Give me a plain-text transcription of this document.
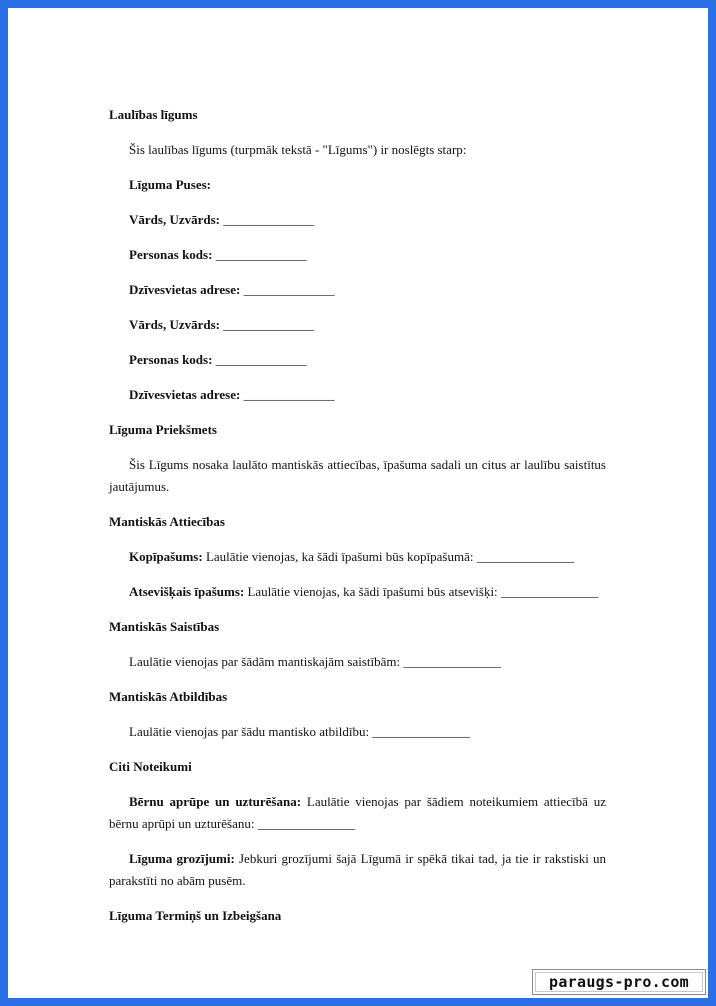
Laulības līgums
Šis laulības līgums (turpmāk tekstā - "Līgums") ir noslēgts starp:
Līguma Puses:
Vārds, Uzvārds: ______________
Personas kods: ______________
Dzīvesvietas adrese: ______________
Vārds, Uzvārds: ______________
Personas kods: ______________
Dzīvesvietas adrese: ______________
Līguma Priekšmets
Šis Līgums nosaka laulāto mantiskās attiecības, īpašuma sadali un citus ar laulību saistītus jautājumus.
Mantiskās Attiecības
Kopīpašums: Laulātie vienojas, ka šādi īpašumi būs kopīpašumā: _______________
Atsevišķais īpašums: Laulātie vienojas, ka šādi īpašumi būs atsevišķi: _______________
Mantiskās Saistības
Laulātie vienojas par šādām mantiskajām saistībām: _______________
Mantiskās Atbildības
Laulātie vienojas par šādu mantisko atbildību: _______________
Citi Noteikumi
Bērnu aprūpe un uzturēšana: Laulātie vienojas par šādiem noteikumiem attiecībā uz bērnu aprūpi un uzturēšanu: _______________
Līguma grozījumi: Jebkuri grozījumi šajā Līgumā ir spēkā tikai tad, ja tie ir rakstiski un parakstīti no abām pusēm.
Līguma Termiņš un Izbeigšana
paraugs-pro.com
